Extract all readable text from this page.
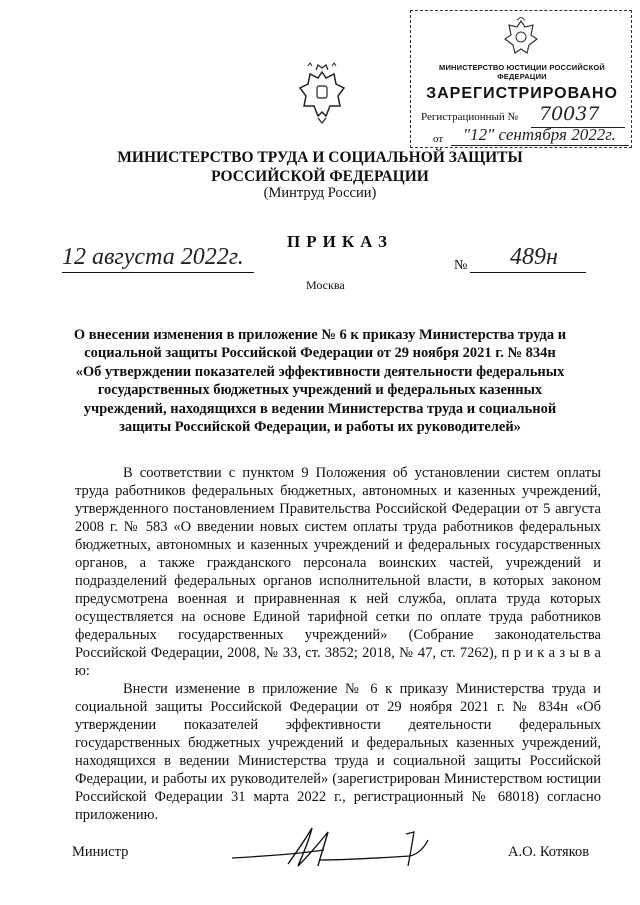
МИНИСТЕРСТВО ЮСТИЦИИ РОССИЙСКОЙ ФЕДЕРАЦИИ
ЗАРЕГИСТРИРОВАНО
Регистрационный № 70037
от "12" сентября 2022г.
МИНИСТЕРСТВО ТРУДА И СОЦИАЛЬНОЙ ЗАЩИТЫ
РОССИЙСКОЙ ФЕДЕРАЦИИ
(Минтруд России)
ПРИКАЗ
12 августа 2022г.	№ 489н
Москва
О внесении изменения в приложение № 6 к приказу Министерства труда и социальной защиты Российской Федерации от 29 ноября 2021 г. № 834н «Об утверждении показателей эффективности деятельности федеральных государственных бюджетных учреждений и федеральных казенных учреждений, находящихся в ведении Министерства труда и социальной защиты Российской Федерации, и работы их руководителей»

В соответствии с пунктом 9 Положения об установлении систем оплаты труда работников федеральных бюджетных, автономных и казенных учреждений, утвержденного постановлением Правительства Российской Федерации от 5 августа 2008 г. № 583 «О введении новых систем оплаты труда работников федеральных бюджетных, автономных и казенных учреждений и федеральных государственных органов, а также гражданского персонала воинских частей, учреждений и подразделений федеральных органов исполнительной власти, в которых законом предусмотрена военная и приравненная к ней служба, оплата труда которых осуществляется на основе Единой тарифной сетки по оплате труда работников федеральных государственных учреждений» (Собрание законодательства Российской Федерации, 2008, № 33, ст. 3852; 2018, № 47, ст. 7262), п р и к а з ы в а ю:

Внести изменение в приложение № 6 к приказу Министерства труда и социальной защиты Российской Федерации от 29 ноября 2021 г. № 834н «Об утверждении показателей эффективности деятельности федеральных государственных бюджетных учреждений и федеральных казенных учреждений, находящихся в ведении Министерства труда и социальной защиты Российской Федерации, и работы их руководителей» (зарегистрирован Министерством юстиции Российской Федерации 31 марта 2022 г., регистрационный № 68018) согласно приложению.

Министр	А.О. Котяков
